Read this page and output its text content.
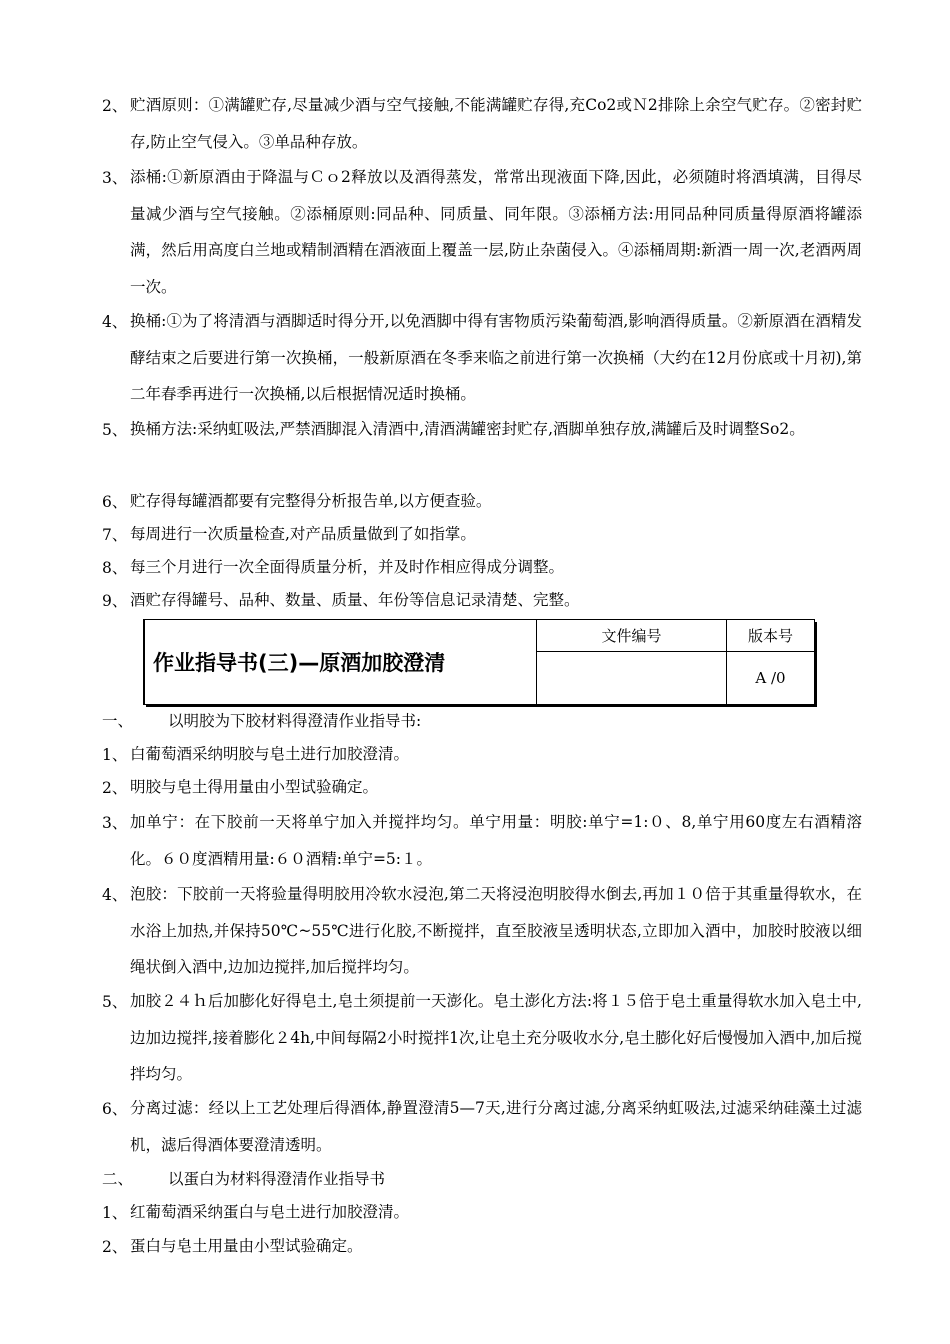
2、 贮酒原则：①满罐贮存,尽量减少酒与空气接触,不能满罐贮存得,充Co2或Ｎ2排除上余空气贮存。②密封贮存,防止空气侵入。③单品种存放。
3、 添桶:①新原酒由于降温与Ｃｏ2释放以及酒得蒸发，常常出现液面下降,因此，必须随时将酒填满，目得尽量减少酒与空气接触。②添桶原则:同品种、同质量、同年限。③添桶方法:用同品种同质量得原酒将罐添满，然后用高度白兰地或精制酒精在酒液面上覆盖一层,防止杂菌侵入。④添桶周期:新酒一周一次,老酒两周一次。
4、 换桶:①为了将清酒与酒脚适时得分开,以免酒脚中得有害物质污染葡萄酒,影响酒得质量。②新原酒在酒精发酵结束之后要进行第一次换桶，一般新原酒在冬季来临之前进行第一次换桶（大约在12月份底或十月初),第二年春季再进行一次换桶,以后根据情况适时换桶。
5、 换桶方法:采纳虹吸法,严禁酒脚混入清酒中,清酒满罐密封贮存,酒脚单独存放,满罐后及时调整So2。
6、 贮存得每罐酒都要有完整得分析报告单,以方便查验。
7、 每周进行一次质量检查,对产品质量做到了如指掌。
8、 每三个月进行一次全面得质量分析，并及时作相应得成分调整。
9、 酒贮存得罐号、品种、数量、质量、年份等信息记录清楚、完整。
作业指导书(三)—原酒加胶澄清
文件编号	版本号
A /0
一、 以明胶为下胶材料得澄清作业指导书:
1、 白葡萄酒采纳明胶与皂土进行加胶澄清。
2、 明胶与皂土得用量由小型试验确定。
3、 加单宁：在下胶前一天将单宁加入并搅拌均匀。单宁用量：明胶:单宁=1:０、8,单宁用60度左右酒精溶化。６０度酒精用量:６０酒精:单宁=5:１。
4、 泡胶：下胶前一天将验量得明胶用冷软水浸泡,第二天将浸泡明胶得水倒去,再加１０倍于其重量得软水，在水浴上加热,并保持50℃~55℃进行化胶,不断搅拌，直至胶液呈透明状态,立即加入酒中，加胶时胶液以细绳状倒入酒中,边加边搅拌,加后搅拌均匀。
5、 加胶２４ｈ后加膨化好得皂土,皂土须提前一天澎化。皂土澎化方法:将１５倍于皂土重量得软水加入皂土中,边加边搅拌,接着膨化２4h,中间每隔2小时搅拌1次,让皂土充分吸收水分,皂土膨化好后慢慢加入酒中,加后搅拌均匀。
6、 分离过滤：经以上工艺处理后得酒体,静置澄清5—7天,进行分离过滤,分离采纳虹吸法,过滤采纳硅藻土过滤机，滤后得酒体要澄清透明。
二、 以蛋白为材料得澄清作业指导书
1、 红葡萄酒采纳蛋白与皂土进行加胶澄清。
2、 蛋白与皂土用量由小型试验确定。
